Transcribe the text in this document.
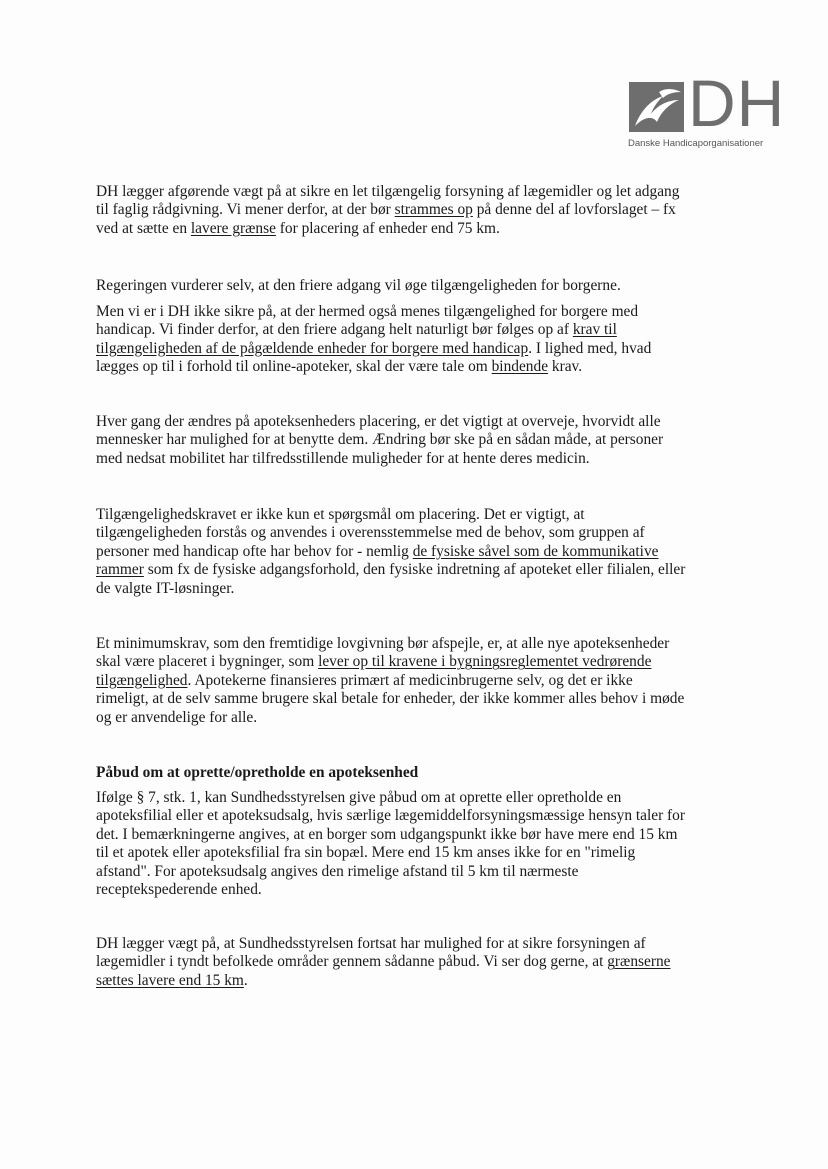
DH
Danske Handicaporganisationer

DH lægger afgørende vægt på at sikre en let tilgængelig forsyning af lægemidler og let adgang
til faglig rådgivning. Vi mener derfor, at der bør strammes op på denne del af lovforslaget – fx
ved at sætte en lavere grænse for placering af enheder end 75 km.

Regeringen vurderer selv, at den friere adgang vil øge tilgængeligheden for borgerne.

Men vi er i DH ikke sikre på, at der hermed også menes tilgængelighed for borgere med
handicap. Vi finder derfor, at den friere adgang helt naturligt bør følges op af krav til
tilgængeligheden af de pågældende enheder for borgere med handicap. I lighed med, hvad
lægges op til i forhold til online-apoteker, skal der være tale om bindende krav.

Hver gang der ændres på apoteksenheders placering, er det vigtigt at overveje, hvorvidt alle
mennesker har mulighed for at benytte dem. Ændring bør ske på en sådan måde, at personer
med nedsat mobilitet har tilfredsstillende muligheder for at hente deres medicin.

Tilgængelighedskravet er ikke kun et spørgsmål om placering. Det er vigtigt, at
tilgængeligheden forstås og anvendes i overensstemmelse med de behov, som gruppen af
personer med handicap ofte har behov for - nemlig de fysiske såvel som de kommunikative
rammer som fx de fysiske adgangsforhold, den fysiske indretning af apoteket eller filialen, eller
de valgte IT-løsninger.

Et minimumskrav, som den fremtidige lovgivning bør afspejle, er, at alle nye apoteksenheder
skal være placeret i bygninger, som lever op til kravene i bygningsreglementet vedrørende
tilgængelighed. Apotekerne finansieres primært af medicinbrugerne selv, og det er ikke
rimeligt, at de selv samme brugere skal betale for enheder, der ikke kommer alles behov i møde
og er anvendelige for alle.

Påbud om at oprette/opretholde en apoteksenhed

Ifølge § 7, stk. 1, kan Sundhedsstyrelsen give påbud om at oprette eller opretholde en
apoteksfilial eller et apoteksudsalg, hvis særlige lægemiddelforsyningsmæssige hensyn taler for
det. I bemærkningerne angives, at en borger som udgangspunkt ikke bør have mere end 15 km
til et apotek eller apoteksfilial fra sin bopæl. Mere end 15 km anses ikke for en "rimelig
afstand". For apoteksudsalg angives den rimelige afstand til 5 km til nærmeste
receptekspederende enhed.

DH lægger vægt på, at Sundhedsstyrelsen fortsat har mulighed for at sikre forsyningen af
lægemidler i tyndt befolkede områder gennem sådanne påbud. Vi ser dog gerne, at grænserne
sættes lavere end 15 km.
